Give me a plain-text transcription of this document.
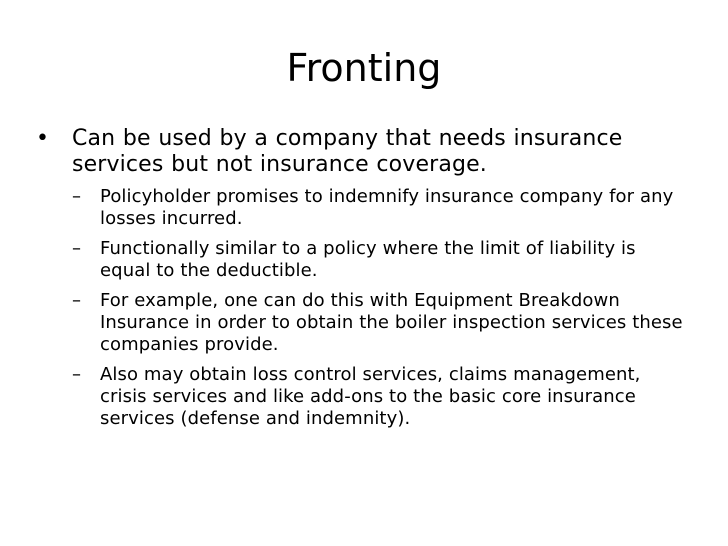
Fronting
•	Can be used by a company that needs insurance services but not insurance coverage.
–	Policyholder promises to indemnify insurance company for any losses incurred.
–	Functionally similar to a policy where the limit of liability is equal to the deductible.
–	For example, one can do this with Equipment Breakdown Insurance in order to obtain the boiler inspection services these companies provide.
–	Also may obtain loss control services, claims management, crisis services and like add-ons to the basic core insurance services (defense and indemnity).
